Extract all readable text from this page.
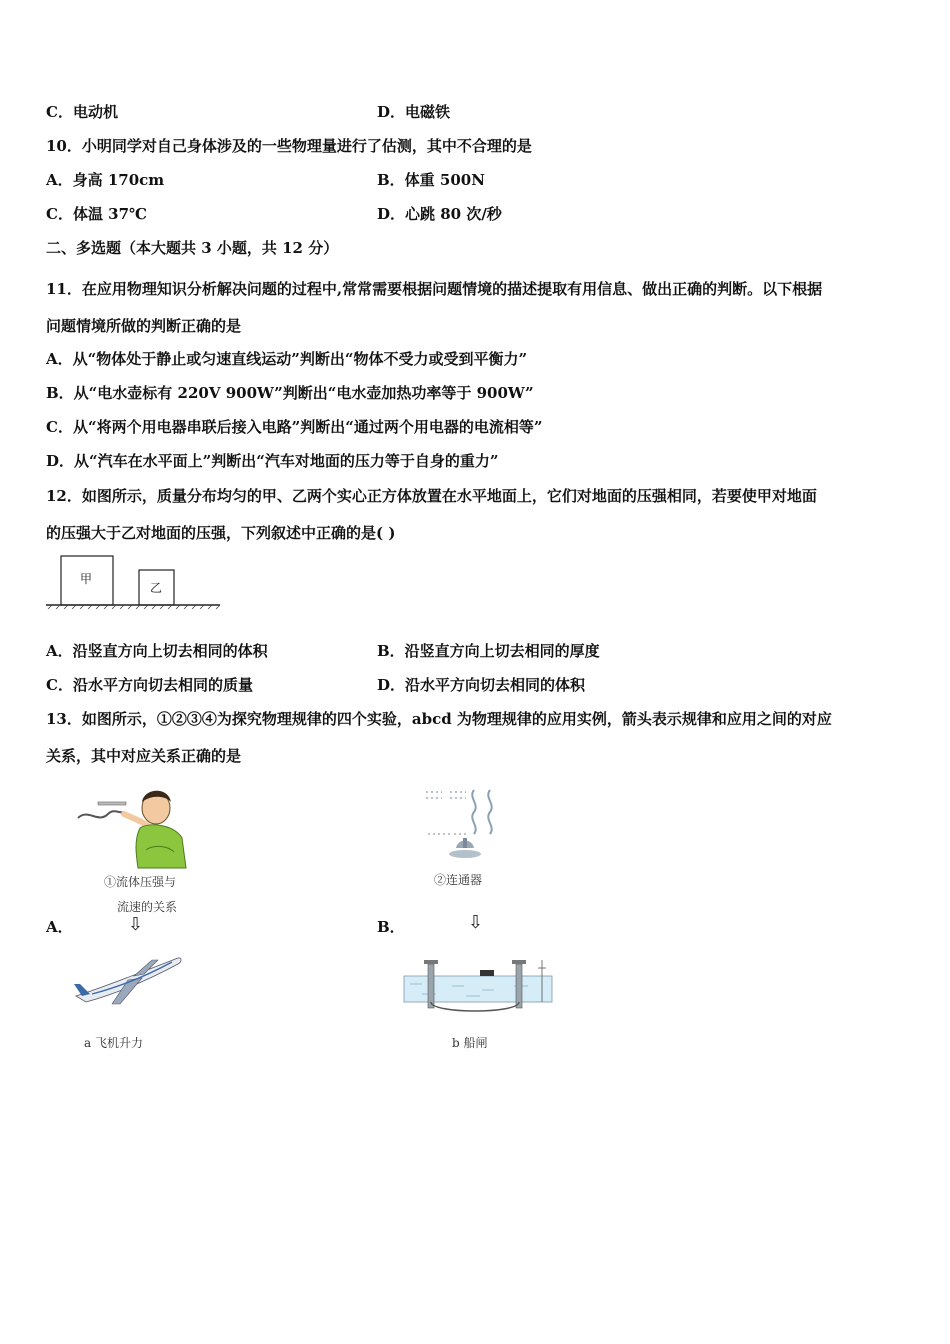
C．电动机	D．电磁铁
10．小明同学对自己身体涉及的一些物理量进行了估测，其中不合理的是
A．身高 170cm	B．体重 500N
C．体温 37℃	D．心跳 80 次/秒
二、多选题（本大题共 3 小题，共 12 分）
11．在应用物理知识分析解决问题的过程中,常常需要根据问题情境的描述提取有用信息、做出正确的判断。以下根据
问题情境所做的判断正确的是
A．从“物体处于静止或匀速直线运动”判断出“物体不受力或受到平衡力”
B．从“电水壶标有 220V 900W”判断出“电水壶加热功率等于 900W”
C．从“将两个用电器串联后接入电路”判断出“通过两个用电器的电流相等”
D．从“汽车在水平面上”判断出“汽车对地面的压力等于自身的重力”
12．如图所示，质量分布均匀的甲、乙两个实心正方体放置在水平地面上，它们对地面的压强相同，若要使甲对地面
的压强大于乙对地面的压强，下列叙述中正确的是( )
甲
乙
A．沿竖直方向上切去相同的体积	B．沿竖直方向上切去相同的厚度
C．沿水平方向切去相同的质量	D．沿水平方向切去相同的体积
13．如图所示，①②③④为探究物理规律的四个实验，abcd 为物理规律的应用实例，箭头表示规律和应用之间的对应
关系，其中对应关系正确的是
①流体压强与
流速的关系
A．	⇩
a 飞机升力
②连通器
B．	⇩
b 船闸
